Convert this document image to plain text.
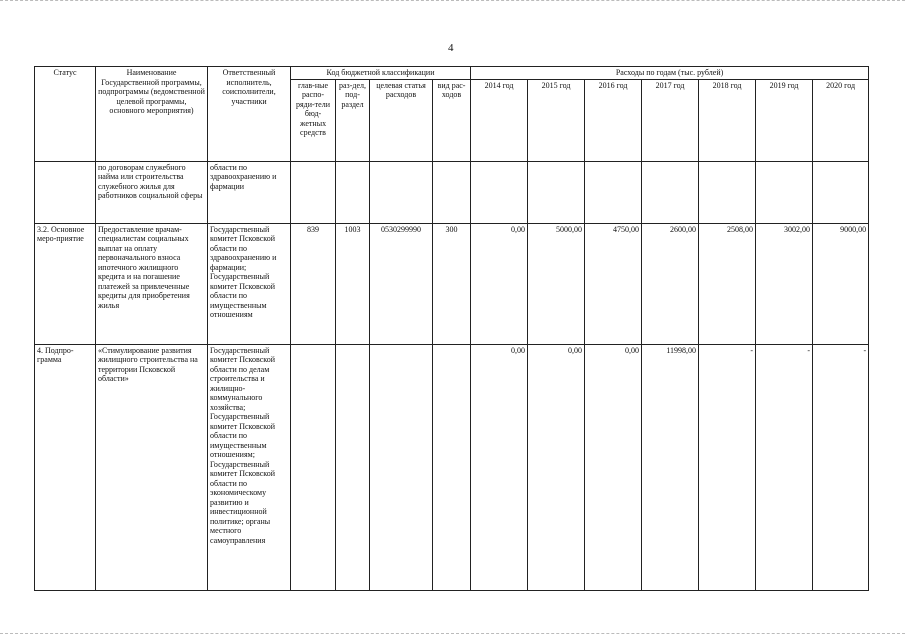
4
Статус	Наименование Государственной программы, подпрограммы (ведомственной целевой программы, основного мероприятия)	Ответственный исполнитель, соисполнители, участники	Код бюджетной классификации				Расходы по годам (тыс. рублей)						
			глав-ные распо-ряди-тели бюд-жетных средств	раз-дел, под-раздел	целевая статья расходов	вид рас-ходов	2014 год	2015 год	2016 год	2017 год	2018 год	2019 год	2020 год
	по договорам служебного найма или строительства служебного жилья для работников социальной сферы	области по здравоохранению и фармации											
3.2. Основное меро-приятие	Предоставление врачам-специалистам социальных выплат на оплату первоначального взноса ипотечного жилищного кредита и на погашение платежей за привлеченные кредиты для приобретения жилья	Государственный комитет Псковской области по здравоохранению и фармации; Государственный комитет Псковской области по имущественным отношениям	839	1003	0530299990	300	0,00	5000,00	4750,00	2600,00	2508,00	3002,00	9000,00
4. Подпро-грамма	«Стимулирование развития жилищного строительства на территории Псковской области»	Государственный комитет Псковской области по делам строительства и жилищно-коммунального хозяйства; Государственный комитет Псковской области по имущественным отношениям; Государственный комитет Псковской области по экономическому развитию и инвестиционной политике; органы местного самоуправления					0,00	0,00	0,00	11998,00	-	-	-
